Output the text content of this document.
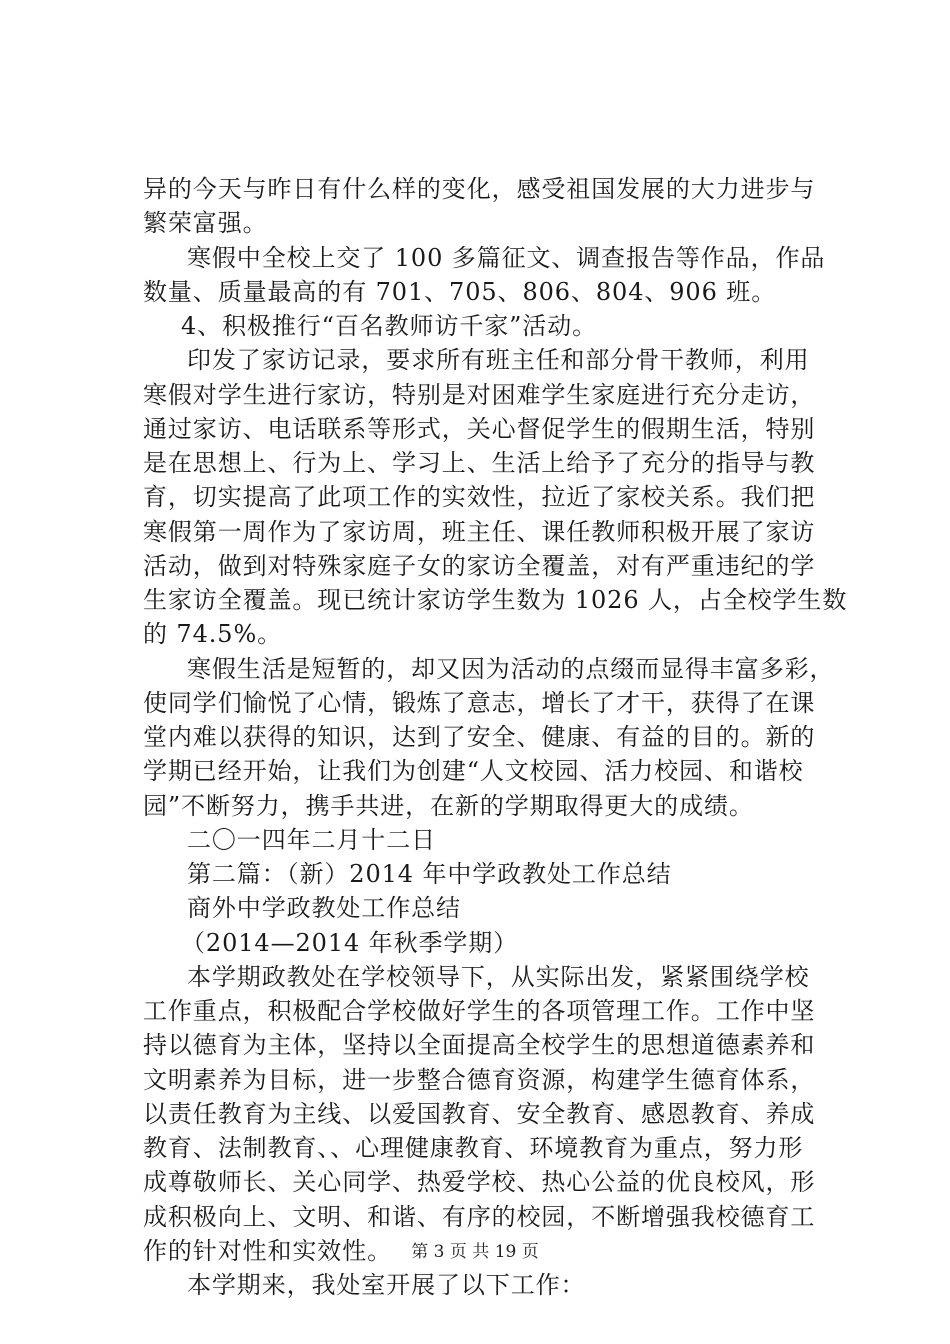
异的今天与昨日有什么样的变化，感受祖国发展的大力进步与
繁荣富强。
寒假中全校上交了 100 多篇征文、调查报告等作品，作品
数量、质量最高的有 701、705、806、804、906 班。
4、积极推行“百名教师访千家”活动。
印发了家访记录，要求所有班主任和部分骨干教师，利用
寒假对学生进行家访，特别是对困难学生家庭进行充分走访，
通过家访、电话联系等形式，关心督促学生的假期生活，特别
是在思想上、行为上、学习上、生活上给予了充分的指导与教
育，切实提高了此项工作的实效性，拉近了家校关系。我们把
寒假第一周作为了家访周，班主任、课任教师积极开展了家访
活动，做到对特殊家庭子女的家访全覆盖，对有严重违纪的学
生家访全覆盖。现已统计家访学生数为 1026 人，占全校学生数
的 74.5%。
寒假生活是短暂的，却又因为活动的点缀而显得丰富多彩，
使同学们愉悦了心情，锻炼了意志，增长了才干，获得了在课
堂内难以获得的知识，达到了安全、健康、有益的目的。新的
学期已经开始，让我们为创建“人文校园、活力校园、和谐校
园”不断努力，携手共进，在新的学期取得更大的成绩。
二〇一四年二月十二日
第二篇：（新）2014 年中学政教处工作总结
商外中学政教处工作总结
（2014—2014 年秋季学期）
本学期政教处在学校领导下，从实际出发，紧紧围绕学校
工作重点，积极配合学校做好学生的各项管理工作。工作中坚
持以德育为主体，坚持以全面提高全校学生的思想道德素养和
文明素养为目标，进一步整合德育资源，构建学生德育体系，
以责任教育为主线、以爱国教育、安全教育、感恩教育、养成
教育、法制教育、、心理健康教育、环境教育为重点，努力形
成尊敬师长、关心同学、热爱学校、热心公益的优良校风，形
成积极向上、文明、和谐、有序的校园，不断增强我校德育工
作的针对性和实效性。
本学期来，我处室开展了以下工作：
第 3 页 共 19 页
